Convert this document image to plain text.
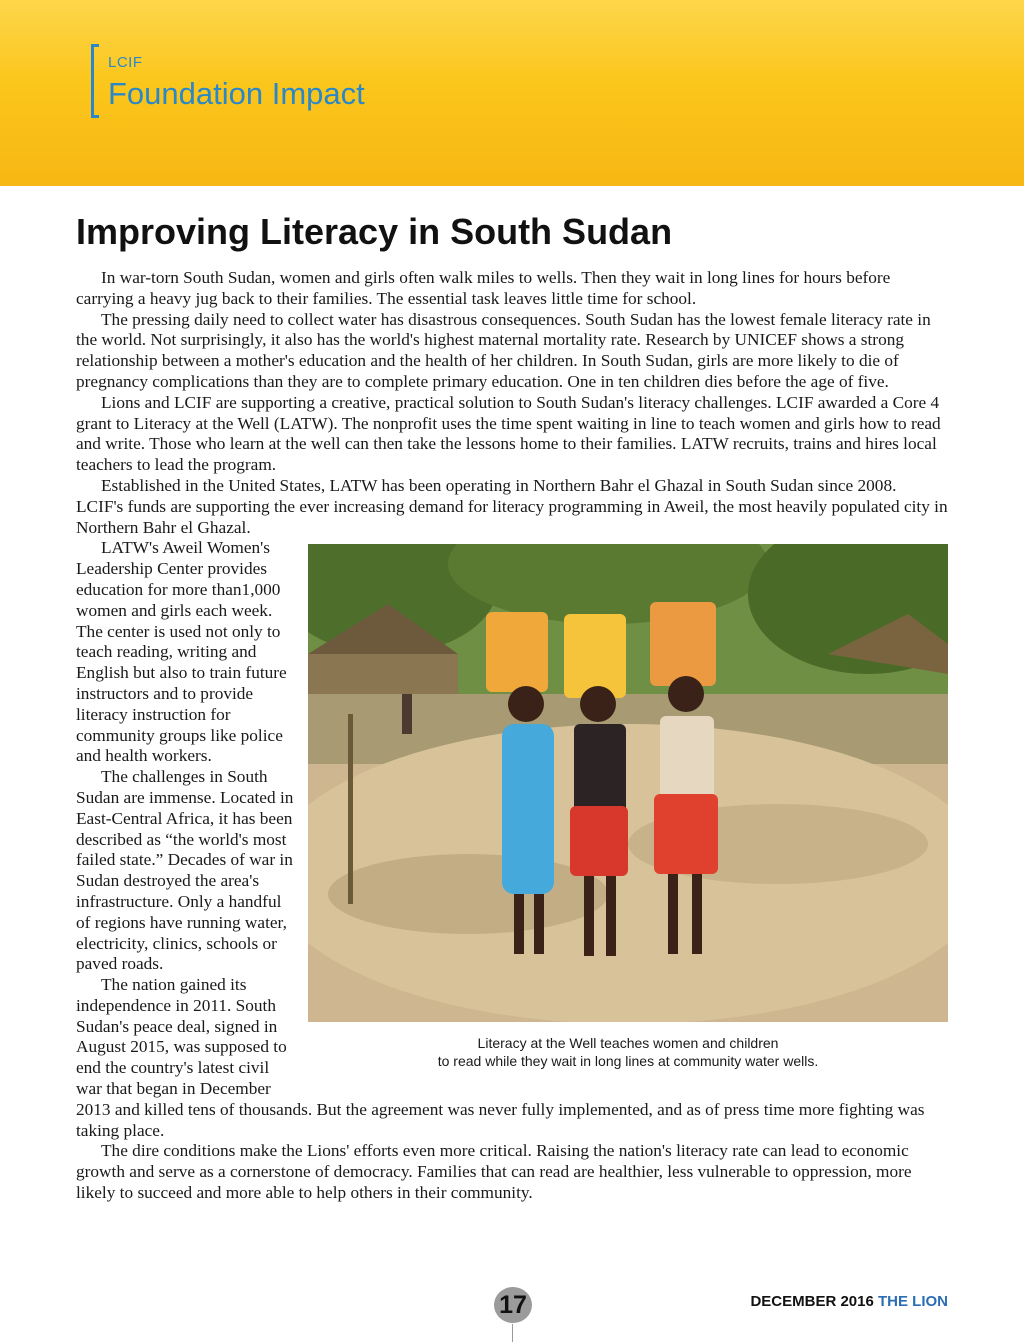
LCIF
Foundation Impact
Improving Literacy in South Sudan

In war-torn South Sudan, women and girls often walk miles to wells. Then they wait in long lines for hours before carrying a heavy jug back to their families. The essential task leaves little time for school.

The pressing daily need to collect water has disastrous consequences. South Sudan has the lowest female literacy rate in the world. Not surprisingly, it also has the world's highest maternal mortality rate. Research by UNICEF shows a strong relationship between a mother's education and the health of her children. In South Sudan, girls are more likely to die of pregnancy complications than they are to complete primary education. One in ten children dies before the age of five.

Lions and LCIF are supporting a creative, practical solution to South Sudan's literacy challenges. LCIF awarded a Core 4 grant to Literacy at the Well (LATW). The nonprofit uses the time spent waiting in line to teach women and girls how to read and write. Those who learn at the well can then take the lessons home to their families. LATW recruits, trains and hires local teachers to lead the program.

Established in the United States, LATW has been operating in Northern Bahr el Ghazal in South Sudan since 2008. LCIF's funds are supporting the ever increasing demand for literacy programming in Aweil, the most heavily populated city in Northern Bahr el Ghazal.

Literacy at the Well teaches women and children
to read while they wait in long lines at community water wells.

LATW's Aweil Women's Leadership Center provides education for more than1,000 women and girls each week. The center is used not only to teach reading, writing and English but also to train future instructors and to provide literacy instruction for community groups like police and health workers.

The challenges in South Sudan are immense. Located in East-Central Africa, it has been described as “the world's most failed state.” Decades of war in Sudan destroyed the area's infrastructure. Only a handful of regions have running water, electricity, clinics, schools or paved roads.

The nation gained its independence in 2011. South Sudan's peace deal, signed in August 2015, was supposed to end the country's latest civil war that began in December 2013 and killed tens of thousands. But the agreement was never fully implemented, and as of press time more fighting was taking place.

The dire conditions make the Lions' efforts even more critical. Raising the nation's literacy rate can lead to economic growth and serve as a cornerstone of democracy. Families that can read are healthier, less vulnerable to oppression, more likely to succeed and more able to help others in their community.

17	DECEMBER 2016 THE LION
